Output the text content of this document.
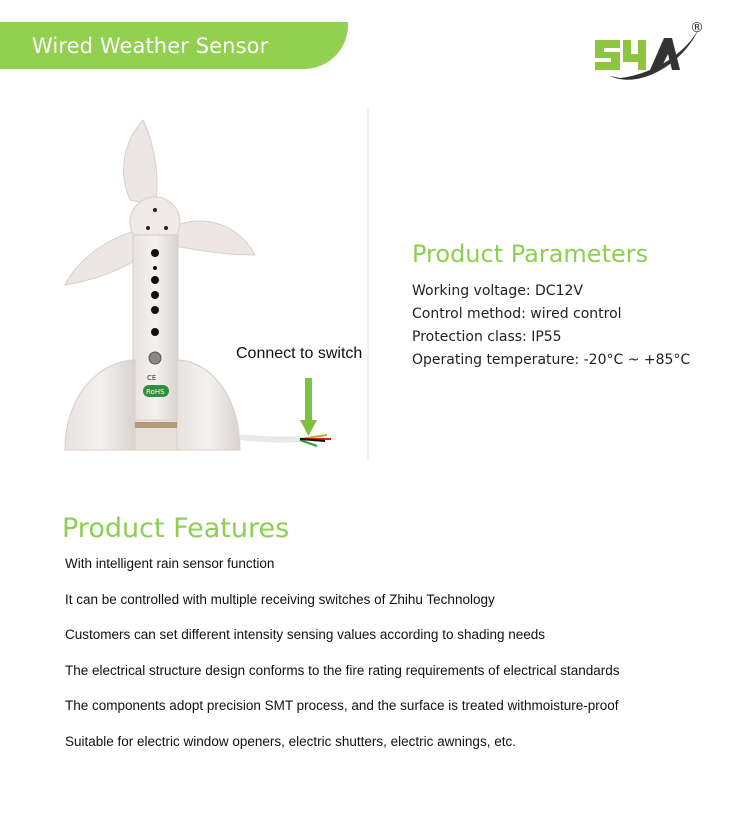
Wired Weather Sensor
®
CE
RoHS
Connect to switch
Product Parameters
Working voltage: DC12V
Control method: wired control
Protection class: IP55
Operating temperature: -20°C ~ +85°C
Product Features
With intelligent rain sensor function
It can be controlled with multiple receiving switches of Zhihu Technology
Customers can set different intensity sensing values according to shading needs
The electrical structure design conforms to the fire rating requirements of electrical standards
The components adopt precision SMT process, and the surface is treated withmoisture-proof
Suitable for electric window openers, electric shutters, electric awnings, etc.
